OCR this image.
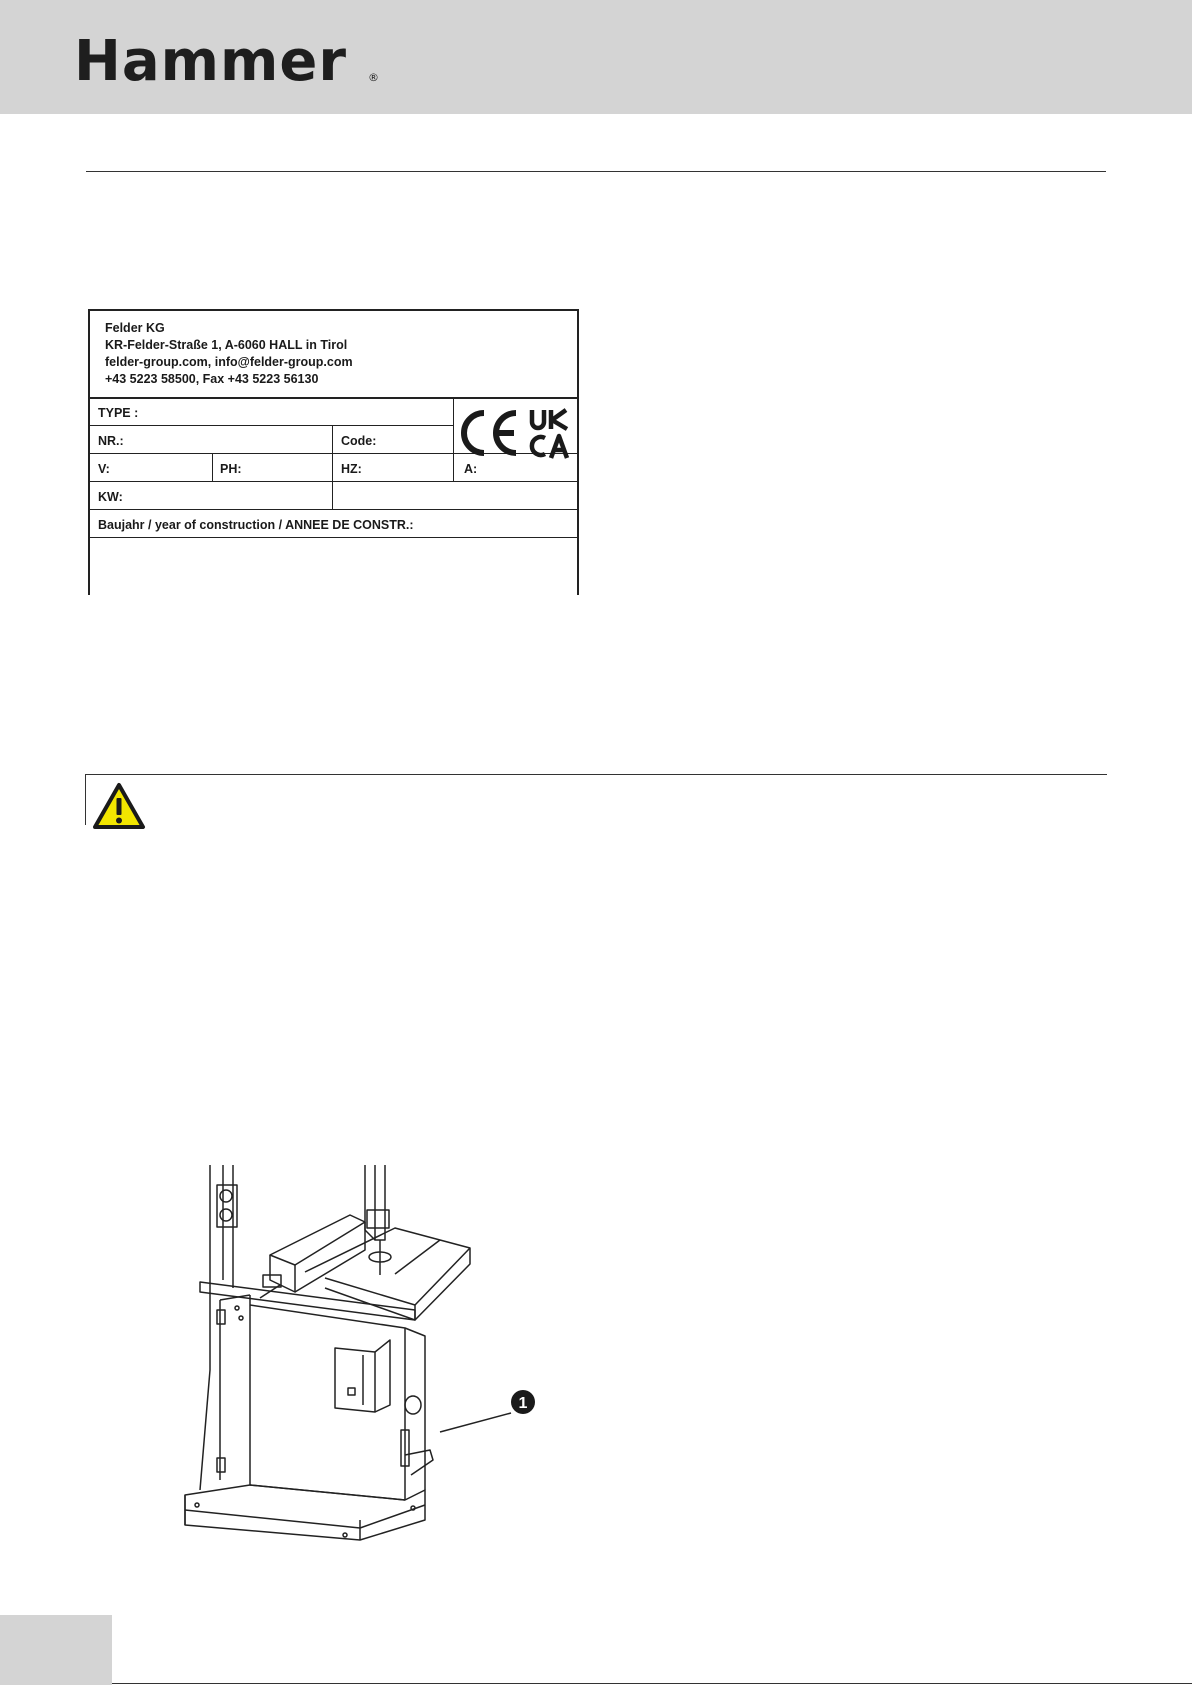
Hammer ®
Felder KG
KR-Felder-Straße 1, A-6060 HALL in Tirol
felder-group.com, info@felder-group.com
+43 5223 58500, Fax +43 5223 56130
TYPE :
NR.:	Code:
V:	PH:	HZ:	A:
KW:
Baujahr / year of construction / ANNEE DE CONSTR.:
1
